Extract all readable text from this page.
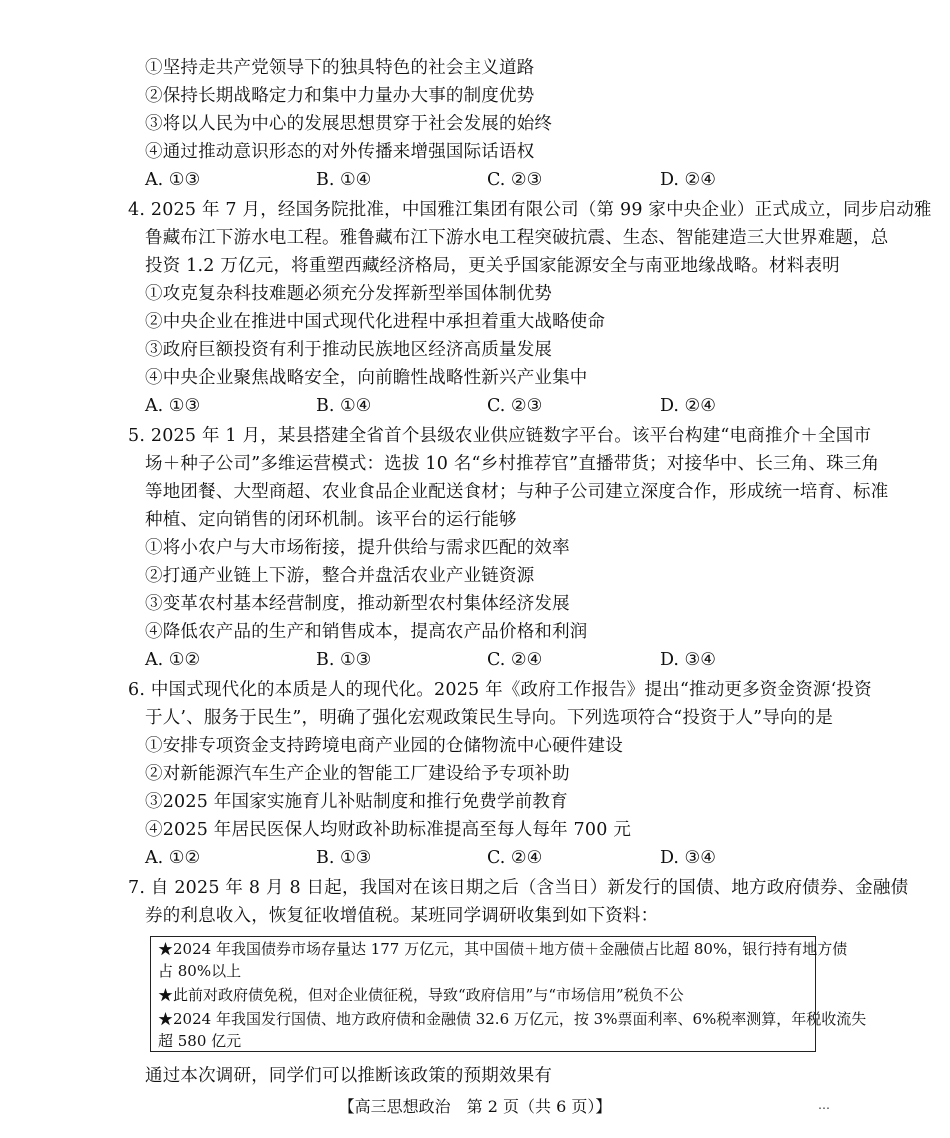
①坚持走共产党领导下的独具特色的社会主义道路
②保持长期战略定力和集中力量办大事的制度优势
③将以人民为中心的发展思想贯穿于社会发展的始终
④通过推动意识形态的对外传播来增强国际话语权
A. ①③	B. ①④	C. ②③	D. ②④
4. 2025 年 7 月，经国务院批准，中国雅江集团有限公司（第 99 家中央企业）正式成立，同步启动雅
鲁藏布江下游水电工程。雅鲁藏布江下游水电工程突破抗震、生态、智能建造三大世界难题，总
投资 1.2 万亿元，将重塑西藏经济格局，更关乎国家能源安全与南亚地缘战略。材料表明
①攻克复杂科技难题必须充分发挥新型举国体制优势
②中央企业在推进中国式现代化进程中承担着重大战略使命
③政府巨额投资有利于推动民族地区经济高质量发展
④中央企业聚焦战略安全，向前瞻性战略性新兴产业集中
A. ①③	B. ①④	C. ②③	D. ②④
5. 2025 年 1 月，某县搭建全省首个县级农业供应链数字平台。该平台构建“电商推介＋全国市
场＋种子公司”多维运营模式：选拔 10 名“乡村推荐官”直播带货；对接华中、长三角、珠三角
等地团餐、大型商超、农业食品企业配送食材；与种子公司建立深度合作，形成统一培育、标准
种植、定向销售的闭环机制。该平台的运行能够
①将小农户与大市场衔接，提升供给与需求匹配的效率
②打通产业链上下游，整合并盘活农业产业链资源
③变革农村基本经营制度，推动新型农村集体经济发展
④降低农产品的生产和销售成本，提高农产品价格和利润
A. ①②	B. ①③	C. ②④	D. ③④
6. 中国式现代化的本质是人的现代化。2025 年《政府工作报告》提出“推动更多资金资源‘投资
于人’、服务于民生”，明确了强化宏观政策民生导向。下列选项符合“投资于人”导向的是
①安排专项资金支持跨境电商产业园的仓储物流中心硬件建设
②对新能源汽车生产企业的智能工厂建设给予专项补助
③2025 年国家实施育儿补贴制度和推行免费学前教育
④2025 年居民医保人均财政补助标准提高至每人每年 700 元
A. ①②	B. ①③	C. ②④	D. ③④
7. 自 2025 年 8 月 8 日起，我国对在该日期之后（含当日）新发行的国债、地方政府债券、金融债
券的利息收入，恢复征收增值税。某班同学调研收集到如下资料：
★2024 年我国债券市场存量达 177 万亿元，其中国债＋地方债＋金融债占比超 80%，银行持有地方债
占 80%以上
★此前对政府债免税，但对企业债征税，导致“政府信用”与“市场信用”税负不公
★2024 年我国发行国债、地方政府债和金融债 32.6 万亿元，按 3%票面利率、6%税率测算，年税收流失
超 580 亿元
通过本次调研，同学们可以推断该政策的预期效果有
【高三思想政治　第 2 页（共 6 页）】	…
